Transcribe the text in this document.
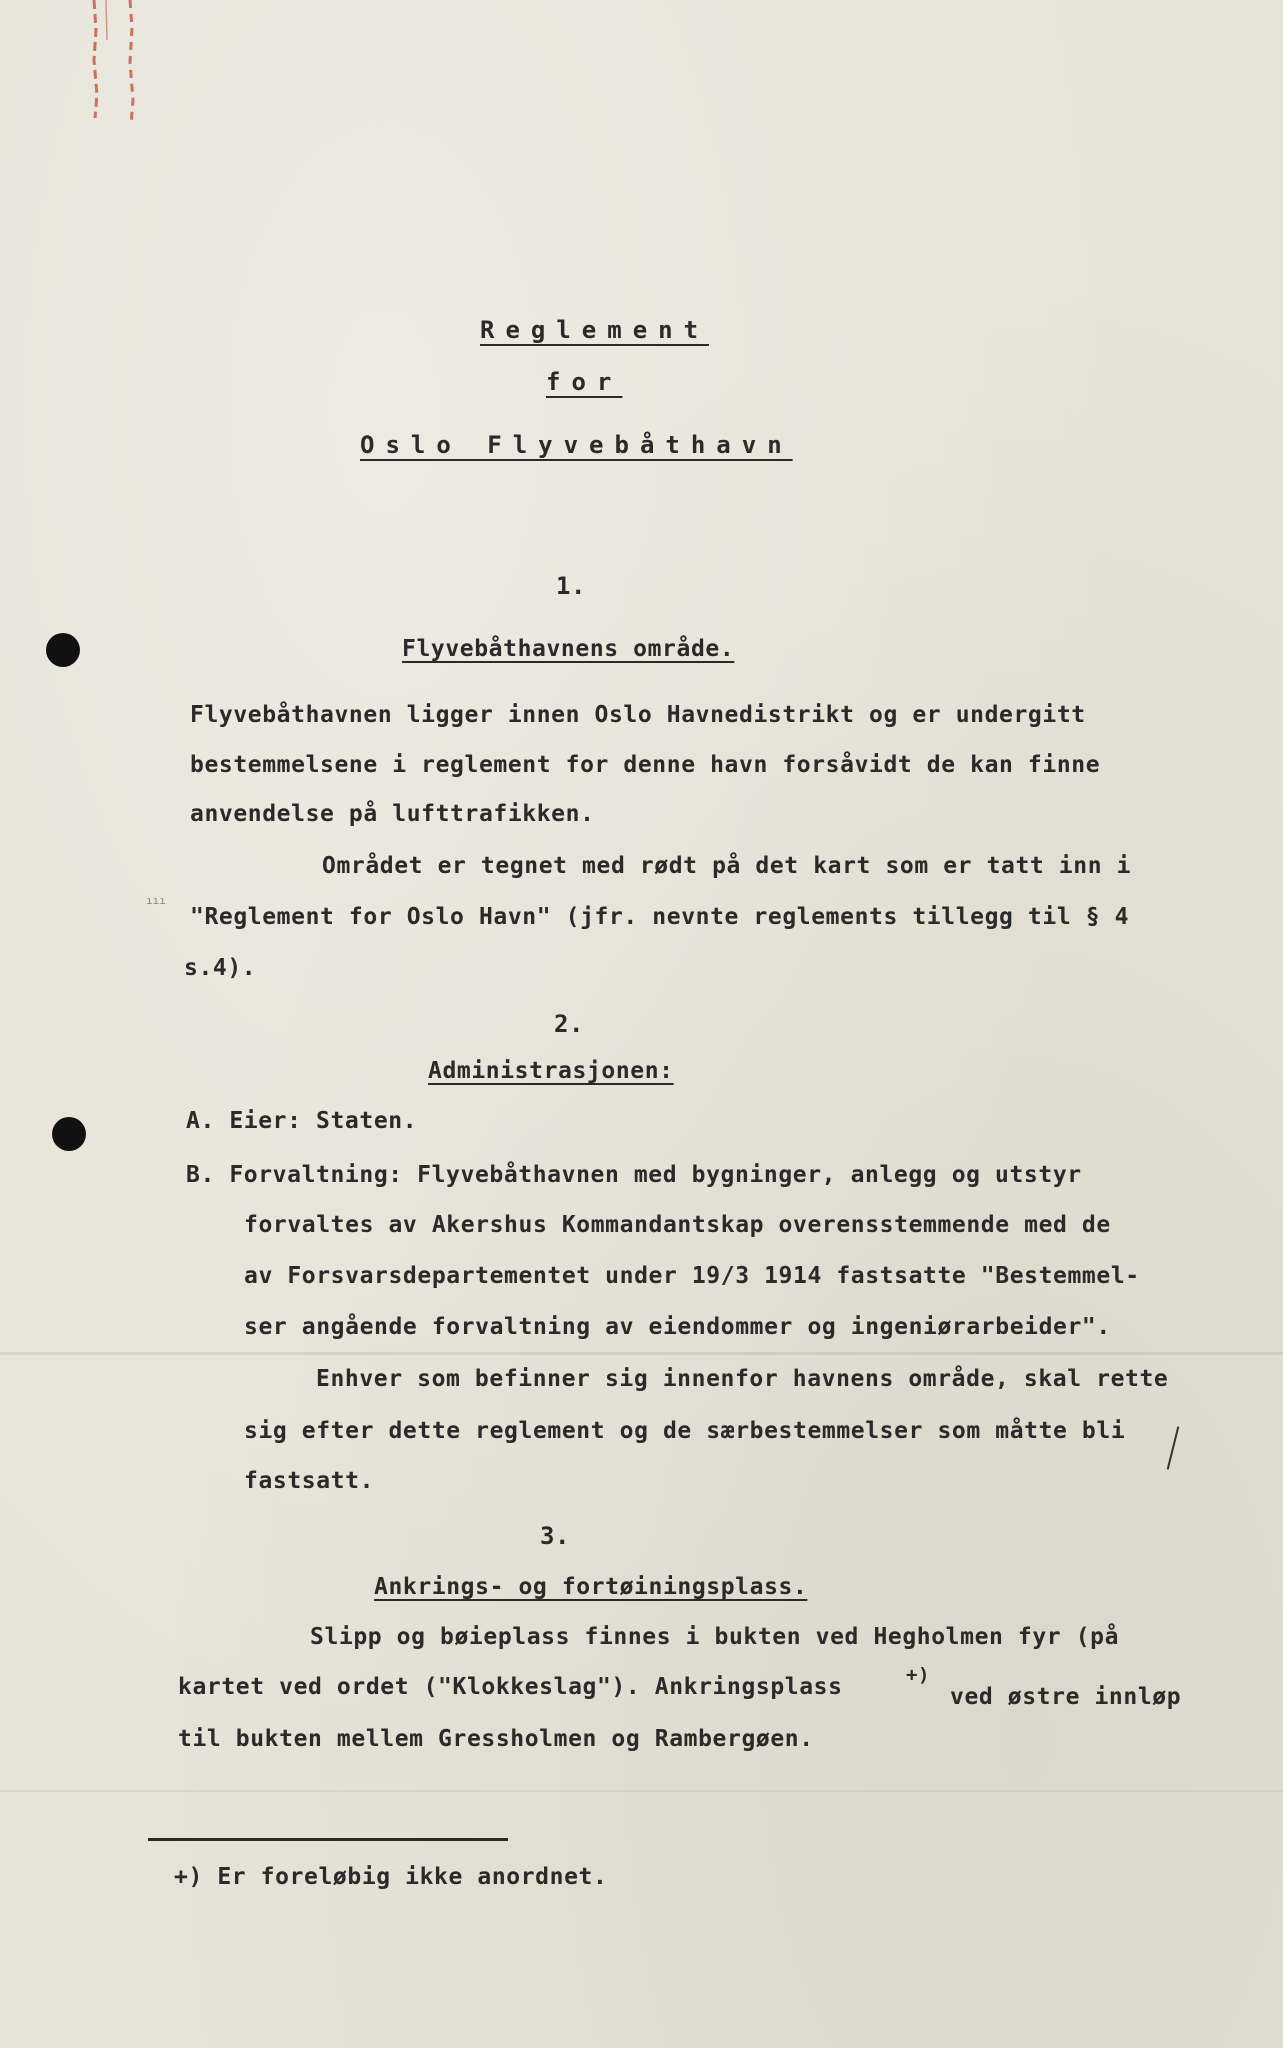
Reglement
for
Oslo Flyvebåthavn
1.
Flyvebåthavnens område.
Flyvebåthavnen ligger innen Oslo Havnedistrikt og er undergitt
bestemmelsene i reglement for denne havn forsåvidt de kan finne
anvendelse på lufttrafikken.
Området er tegnet med rødt på det kart som er tatt inn i
"Reglement for Oslo Havn" (jfr. nevnte reglements tillegg til § 4
s.4).
ııı
2.
Administrasjonen:
A. Eier: Staten.
B. Forvaltning: Flyvebåthavnen med bygninger, anlegg og utstyr
forvaltes av Akershus Kommandantskap overensstemmende med de
av Forsvarsdepartementet under 19/3 1914 fastsatte "Bestemmel-
ser angående forvaltning av eiendommer og ingeniørarbeider".
Enhver som befinner sig innenfor havnens område, skal rette
sig efter dette reglement og de særbestemmelser som måtte bli
fastsatt.
3.
Ankrings- og fortøiningsplass.
Slipp og bøieplass finnes i bukten ved Hegholmen fyr (på
kartet ved ordet ("Klokkeslag"). Ankringsplass	+)
ved østre innløp
til bukten mellem Gressholmen og Rambergøen.
+) Er foreløbig ikke anordnet.
